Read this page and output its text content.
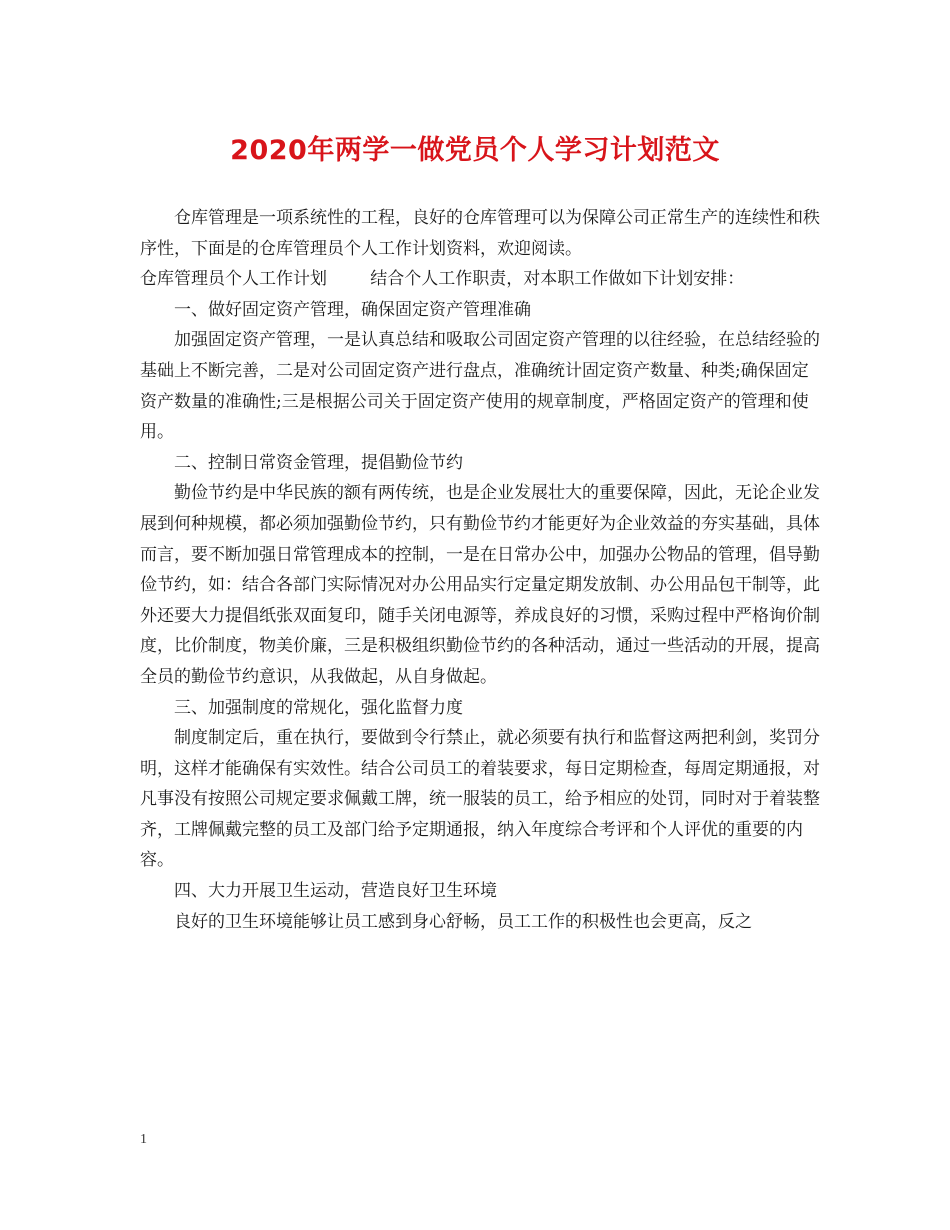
2020年两学一做党员个人学习计划范文

仓库管理是一项系统性的工程，良好的仓库管理可以为保障公司正常生产的连续性和秩序性，下面是的仓库管理员个人工作计划资料，欢迎阅读。

仓库管理员个人工作计划        结合个人工作职责，对本职工作做如下计划安排：

一、做好固定资产管理，确保固定资产管理准确

加强固定资产管理，一是认真总结和吸取公司固定资产管理的以往经验，在总结经验的基础上不断完善，二是对公司固定资产进行盘点，准确统计固定资产数量、种类;确保固定资产数量的准确性;三是根据公司关于固定资产使用的规章制度，严格固定资产的管理和使用。

二、控制日常资金管理，提倡勤俭节约

勤俭节约是中华民族的额有两传统，也是企业发展壮大的重要保障，因此，无论企业发展到何种规模，都必须加强勤俭节约，只有勤俭节约才能更好为企业效益的夯实基础，具体而言，要不断加强日常管理成本的控制，一是在日常办公中，加强办公物品的管理，倡导勤俭节约，如：结合各部门实际情况对办公用品实行定量定期发放制、办公用品包干制等，此外还要大力提倡纸张双面复印，随手关闭电源等，养成良好的习惯，采购过程中严格询价制度，比价制度，物美价廉，三是积极组织勤俭节约的各种活动，通过一些活动的开展，提高全员的勤俭节约意识，从我做起，从自身做起。

三、加强制度的常规化，强化监督力度

制度制定后，重在执行，要做到令行禁止，就必须要有执行和监督这两把利剑，奖罚分明，这样才能确保有实效性。结合公司员工的着装要求，每日定期检查，每周定期通报，对凡事没有按照公司规定要求佩戴工牌，统一服装的员工，给予相应的处罚，同时对于着装整齐，工牌佩戴完整的员工及部门给予定期通报，纳入年度综合考评和个人评优的重要的内容。

四、大力开展卫生运动，营造良好卫生环境

良好的卫生环境能够让员工感到身心舒畅，员工工作的积极性也会更高，反之

1
